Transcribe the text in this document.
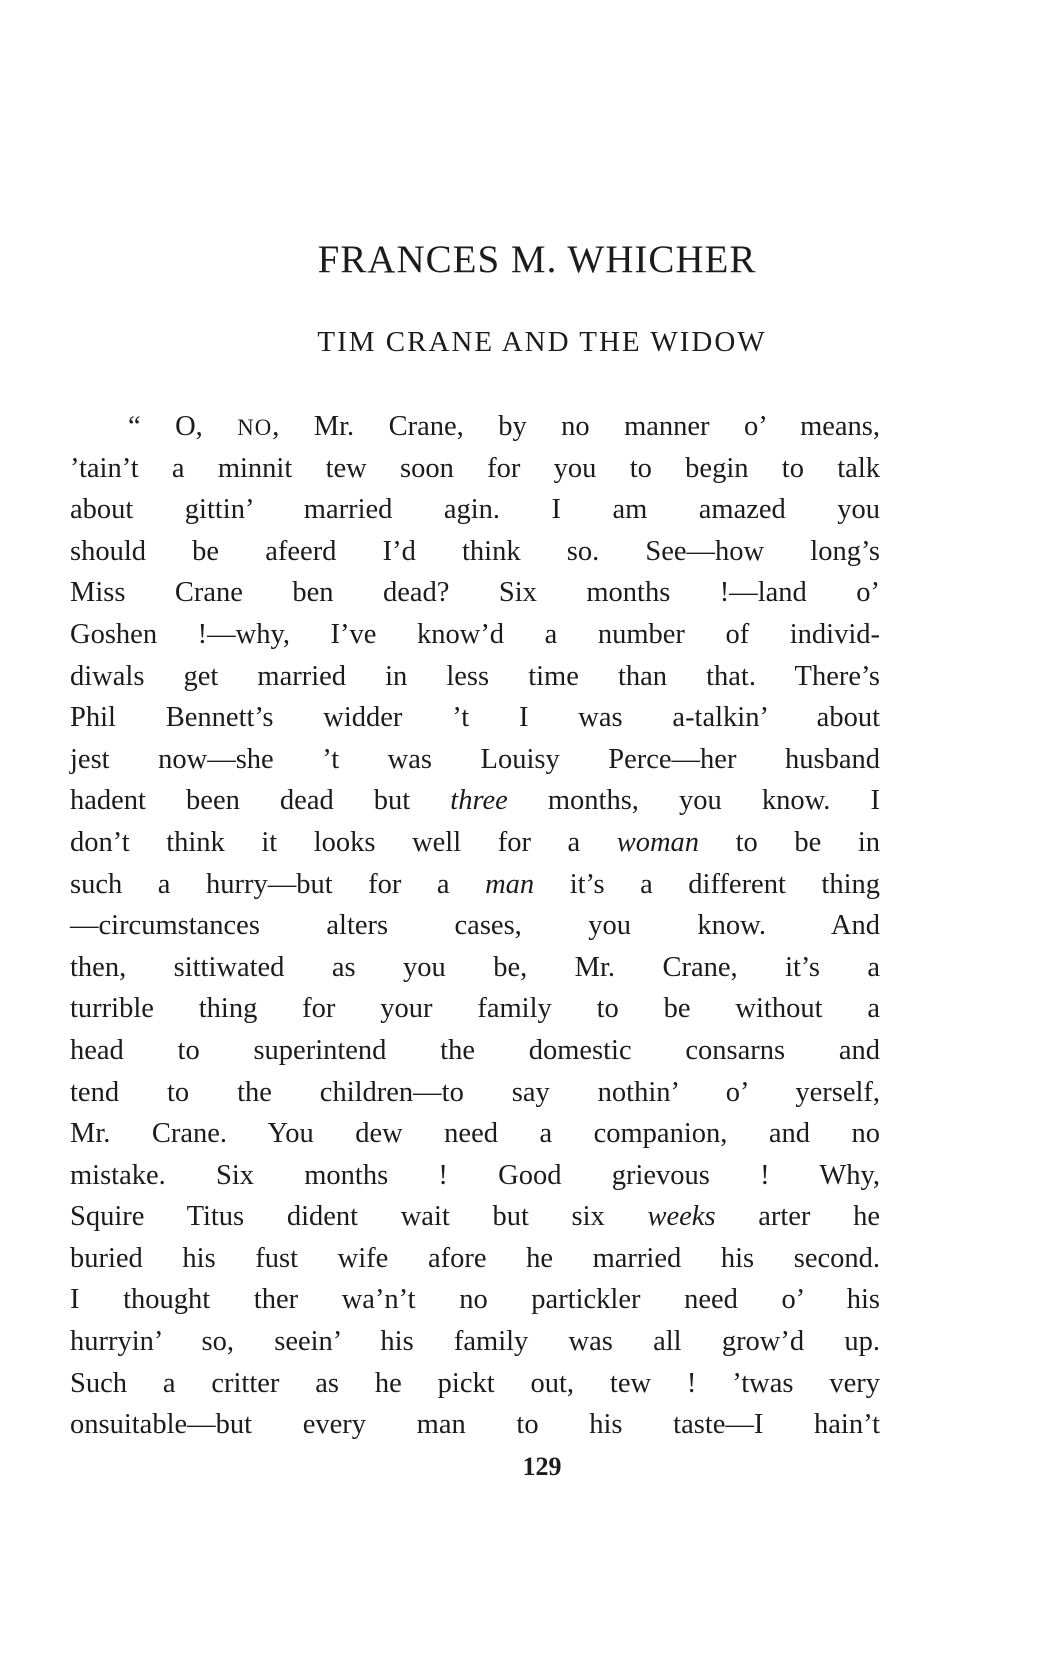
FRANCES M. WHICHER
TIM CRANE AND THE WIDOW
“ O, NO, Mr. Crane, by no manner o’ means,
’tain’t a minnit tew soon for you to begin to talk
about gittin’ married agin. I am amazed you
should be afeerd I’d think so. See—how long’s
Miss Crane ben dead? Six months !—land o’
Goshen !—why, I’ve know’d a number of individ-
diwals get married in less time than that. There’s
Phil Bennett’s widder ’t I was a-talkin’ about
jest now—she ’t was Louisy Perce—her husband
hadent been dead but three months, you know. I
don’t think it looks well for a woman to be in
such a hurry—but for a man it’s a different thing
—circumstances alters cases, you know. And
then, sittiwated as you be, Mr. Crane, it’s a
turrible thing for your family to be without a
head to superintend the domestic consarns and
tend to the children—to say nothin’ o’ yerself,
Mr. Crane. You dew need a companion, and no
mistake. Six months ! Good grievous ! Why,
Squire Titus dident wait but six weeks arter he
buried his fust wife afore he married his second.
I thought ther wa’n’t no partickler need o’ his
hurryin’ so, seein’ his family was all grow’d up.
Such a critter as he pickt out, tew ! ’twas very
onsuitable—but every man to his taste—I hain’t
129
